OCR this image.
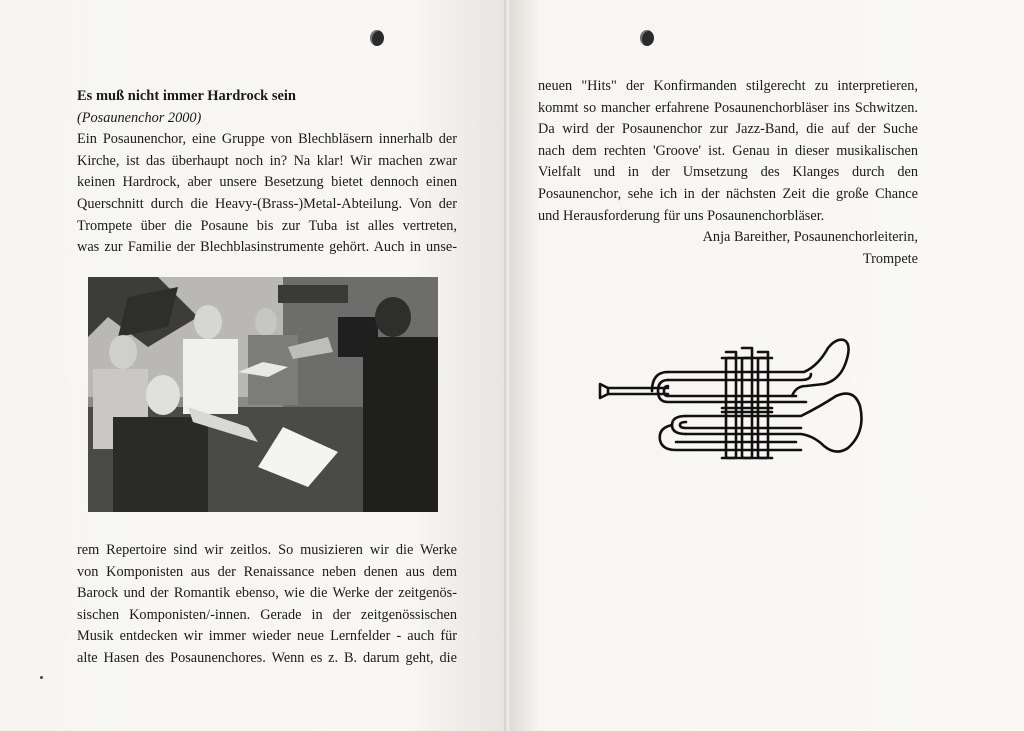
Es muß nicht immer Hardrock sein

(Posaunenchor 2000)

Ein Posaunenchor, eine Gruppe von Blechbläsern innerhalb der

Kirche, ist das überhaupt noch in? Na klar! Wir machen zwar

keinen Hardrock, aber unsere Besetzung bietet dennoch einen

Querschnitt durch die Heavy-(Brass-)Metal-Abteilung. Von der

Trompete über die Posaune bis zur Tuba ist alles vertreten,

was zur Familie der Blechblasinstrumente gehört. Auch in unse-

rem Repertoire sind wir zeitlos. So musizieren wir die Werke

von Komponisten aus der Renaissance neben denen aus dem

Barock und der Romantik ebenso, wie die Werke der zeitgenös-

sischen Komponisten/-innen. Gerade in der zeitgenössischen

Musik entdecken wir immer wieder neue Lernfelder - auch für

alte Hasen des Posaunenchores. Wenn es z. B. darum geht, die

neuen "Hits" der Konfirmanden stilgerecht zu interpretieren,

kommt so mancher erfahrene Posaunenchorbläser ins Schwitzen.

Da wird der Posaunenchor zur Jazz-Band, die auf der Suche

nach dem rechten 'Groove' ist. Genau in dieser musikalischen

Vielfalt und in der Umsetzung des Klanges durch den

Posaunenchor, sehe ich in der nächsten Zeit die große Chance

und Herausforderung für uns Posaunenchorbläser.

Anja Bareither, Posaunenchorleiterin,

Trompete
